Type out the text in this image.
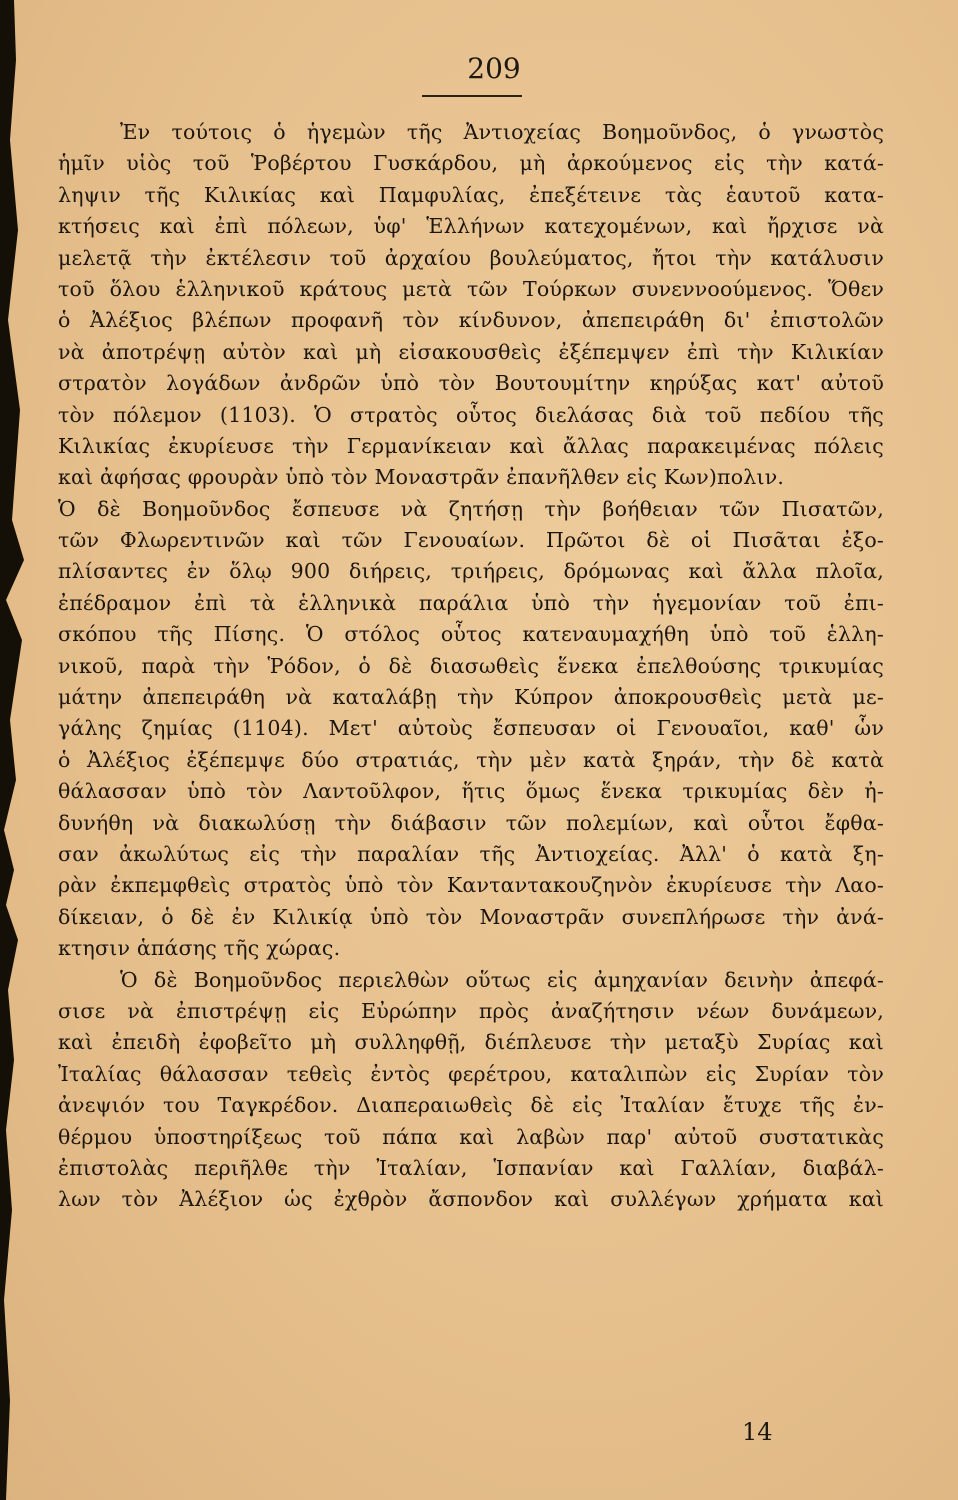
209
Ἐν τούτοις ὁ ἡγεμὼν τῆς Ἀντιοχείας Βοημοῦνδος, ὁ γνωστὸς
ἡμῖν υἱὸς τοῦ Ῥοβέρτου Γυσκάρδου, μὴ ἀρκούμενος εἰς τὴν κατά-
ληψιν τῆς Κιλικίας καὶ Παμφυλίας, ἐπεξέτεινε τὰς ἑαυτοῦ κατα-
κτήσεις καὶ ἐπὶ πόλεων, ὑφ' Ἑλλήνων κατεχομένων, καὶ ἤρχισε νὰ
μελετᾷ τὴν ἐκτέλεσιν τοῦ ἀρχαίου βουλεύματος, ἤτοι τὴν κατάλυσιν
τοῦ ὅλου ἑλληνικοῦ κράτους μετὰ τῶν Τούρκων συνεννοούμενος. Ὅθεν
ὁ Ἀλέξιος βλέπων προφανῆ τὸν κίνδυνον, ἀπεπειράθη δι' ἐπιστολῶν
νὰ ἀποτρέψῃ αὐτὸν καὶ μὴ εἰσακουσθεὶς ἐξέπεμψεν ἐπὶ τὴν Κιλικίαν
στρατὸν λογάδων ἀνδρῶν ὑπὸ τὸν Βουτουμίτην κηρύξας κατ' αὐτοῦ
τὸν πόλεμον (1103). Ὁ στρατὸς οὗτος διελάσας διὰ τοῦ πεδίου τῆς
Κιλικίας ἐκυρίευσε τὴν Γερμανίκειαν καὶ ἄλλας παρακειμένας πόλεις
καὶ ἀφήσας φρουρὰν ὑπὸ τὸν Μοναστρᾶν ἐπανῆλθεν εἰς Κων)πολιν.
Ὁ δὲ Βοημοῦνδος ἔσπευσε νὰ ζητήσῃ τὴν βοήθειαν τῶν Πισατῶν,
τῶν Φλωρεντινῶν καὶ τῶν Γενουαίων. Πρῶτοι δὲ οἱ Πισᾶται ἐξο-
πλίσαντες ἐν ὅλῳ 900 διήρεις, τριήρεις, δρόμωνας καὶ ἄλλα πλοῖα,
ἐπέδραμον ἐπὶ τὰ ἑλληνικὰ παράλια ὑπὸ τὴν ἡγεμονίαν τοῦ ἐπι-
σκόπου τῆς Πίσης. Ὁ στόλος οὗτος κατεναυμαχήθη ὑπὸ τοῦ ἑλλη-
νικοῦ, παρὰ τὴν Ῥόδον, ὁ δὲ διασωθεὶς ἕνεκα ἐπελθούσης τρικυμίας
μάτην ἀπεπειράθη νὰ καταλάβῃ τὴν Κύπρον ἀποκρουσθεὶς μετὰ με-
γάλης ζημίας (1104). Μετ' αὐτοὺς ἔσπευσαν οἱ Γενουαῖοι, καθ' ὧν
ὁ Ἀλέξιος ἐξέπεμψε δύο στρατιάς, τὴν μὲν κατὰ ξηράν, τὴν δὲ κατὰ
θάλασσαν ὑπὸ τὸν Λαντοῦλφον, ἥτις ὅμως ἕνεκα τρικυμίας δὲν ἠ-
δυνήθη νὰ διακωλύσῃ τὴν διάβασιν τῶν πολεμίων, καὶ οὗτοι ἔφθα-
σαν ἀκωλύτως εἰς τὴν παραλίαν τῆς Ἀντιοχείας. Ἀλλ' ὁ κατὰ ξη-
ρὰν ἐκπεμφθεὶς στρατὸς ὑπὸ τὸν Κανταντακουζηνὸν ἐκυρίευσε τὴν Λαο-
δίκειαν, ὁ δὲ ἐν Κιλικίᾳ ὑπὸ τὸν Μοναστρᾶν συνεπλήρωσε τὴν ἀνά-
κτησιν ἁπάσης τῆς χώρας.
Ὁ δὲ Βοημοῦνδος περιελθὼν οὕτως εἰς ἀμηχανίαν δεινὴν ἀπεφά-
σισε νὰ ἐπιστρέψῃ εἰς Εὐρώπην πρὸς ἀναζήτησιν νέων δυνάμεων,
καὶ ἐπειδὴ ἐφοβεῖτο μὴ συλληφθῇ, διέπλευσε τὴν μεταξὺ Συρίας καὶ
Ἰταλίας θάλασσαν τεθεὶς ἐντὸς φερέτρου, καταλιπὼν εἰς Συρίαν τὸν
ἀνεψιόν του Ταγκρέδον. Διαπεραιωθεὶς δὲ εἰς Ἰταλίαν ἔτυχε τῆς ἐν-
θέρμου ὑποστηρίξεως τοῦ πάπα καὶ λαβὼν παρ' αὐτοῦ συστατικὰς
ἐπιστολὰς περιῆλθε τὴν Ἰταλίαν, Ἱσπανίαν καὶ Γαλλίαν, διαβάλ-
λων τὸν Ἀλέξιον ὡς ἐχθρὸν ἄσπονδον καὶ συλλέγων χρήματα καὶ
14
